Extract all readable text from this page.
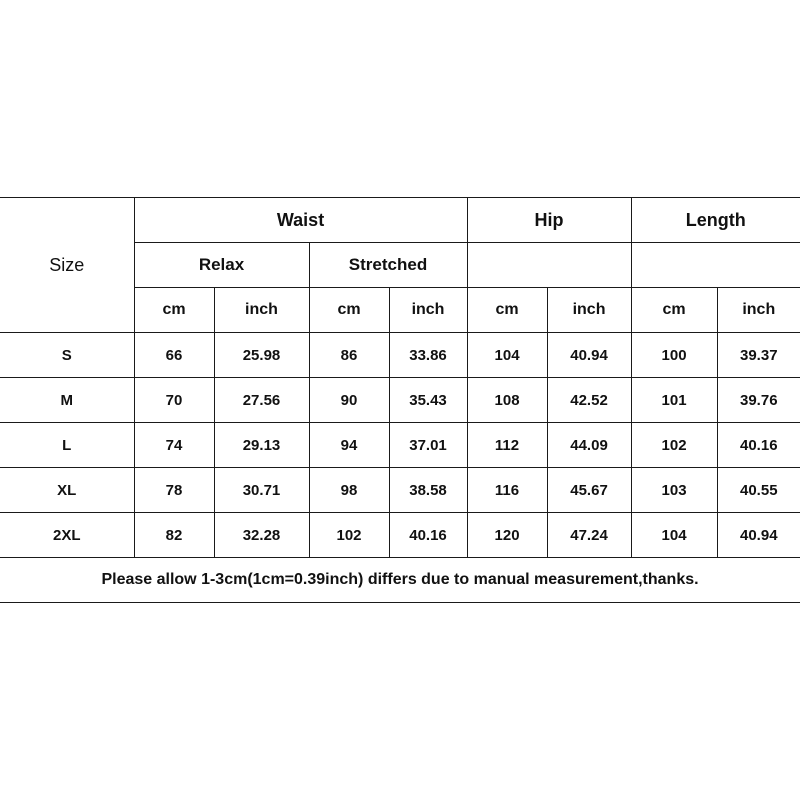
Size	Waist				Hip		Length	
	Relax		Stretched					
	cm	inch	cm	inch	cm	inch	cm	inch
S	66	25.98	86	33.86	104	40.94	100	39.37
M	70	27.56	90	35.43	108	42.52	101	39.76
L	74	29.13	94	37.01	112	44.09	102	40.16
XL	78	30.71	98	38.58	116	45.67	103	40.55
2XL	82	32.28	102	40.16	120	47.24	104	40.94
Please allow 1-3cm(1cm=0.39inch) differs due to manual measurement,thanks.								
